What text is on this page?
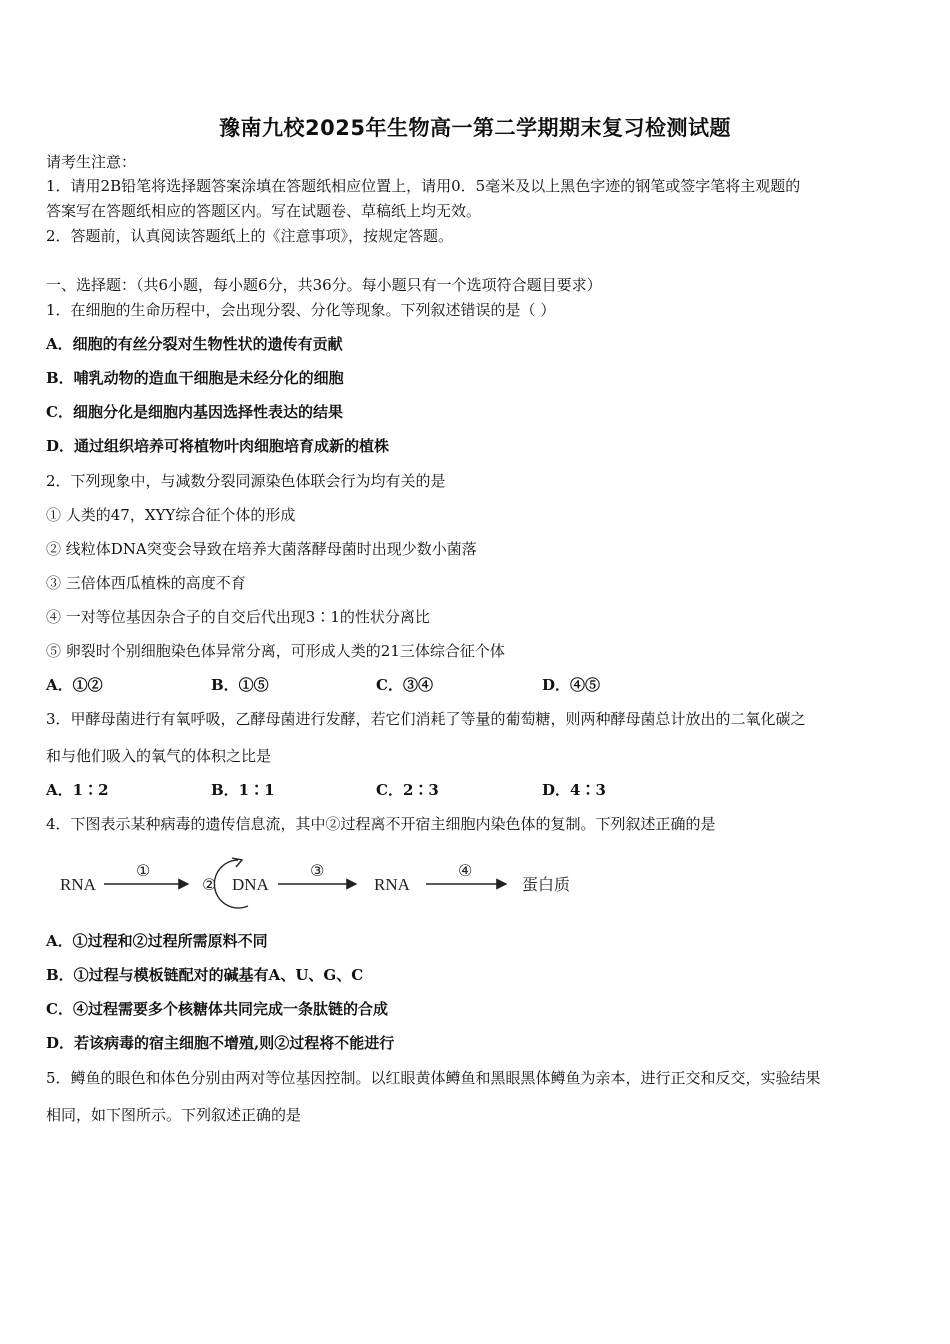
豫南九校2025年生物高一第二学期期末复习检测试题
请考生注意：
1．请用2B铅笔将选择题答案涂填在答题纸相应位置上，请用0．5毫米及以上黑色字迹的钢笔或签字笔将主观题的
答案写在答题纸相应的答题区内。写在试题卷、草稿纸上均无效。
2．答题前，认真阅读答题纸上的《注意事项》，按规定答题。
一、选择题：（共6小题，每小题6分，共36分。每小题只有一个选项符合题目要求）
1．在细胞的生命历程中，会出现分裂、分化等现象。下列叙述错误的是（ ）
A．细胞的有丝分裂对生物性状的遗传有贡献
B．哺乳动物的造血干细胞是未经分化的细胞
C．细胞分化是细胞内基因选择性表达的结果
D．通过组织培养可将植物叶肉细胞培育成新的植株
2．下列现象中，与减数分裂同源染色体联会行为均有关的是
① 人类的47，XYY综合征个体的形成
② 线粒体DNA突变会导致在培养大菌落酵母菌时出现少数小菌落
③ 三倍体西瓜植株的高度不育
④ 一对等位基因杂合子的自交后代出现3∶1的性状分离比
⑤ 卵裂时个别细胞染色体异常分离，可形成人类的21三体综合征个体
A．①②	B．①⑤	C．③④	D．④⑤
3．甲酵母菌进行有氧呼吸，乙酵母菌进行发酵，若它们消耗了等量的葡萄糖，则两种酵母菌总计放出的二氧化碳之
和与他们吸入的氧气的体积之比是
A．1∶2	B．1∶1	C．2∶3	D．4∶3
4．下图表示某种病毒的遗传信息流，其中②过程离不开宿主细胞内染色体的复制。下列叙述正确的是
RNA
①
② DNA
③
RNA
④
蛋白质
A．①过程和②过程所需原料不同
B．①过程与模板链配对的碱基有A、U、G、C
C．④过程需要多个核糖体共同完成一条肽链的合成
D．若该病毒的宿主细胞不增殖,则②过程将不能进行
5．鳟鱼的眼色和体色分别由两对等位基因控制。以红眼黄体鳟鱼和黑眼黑体鳟鱼为亲本，进行正交和反交，实验结果
相同，如下图所示。下列叙述正确的是
